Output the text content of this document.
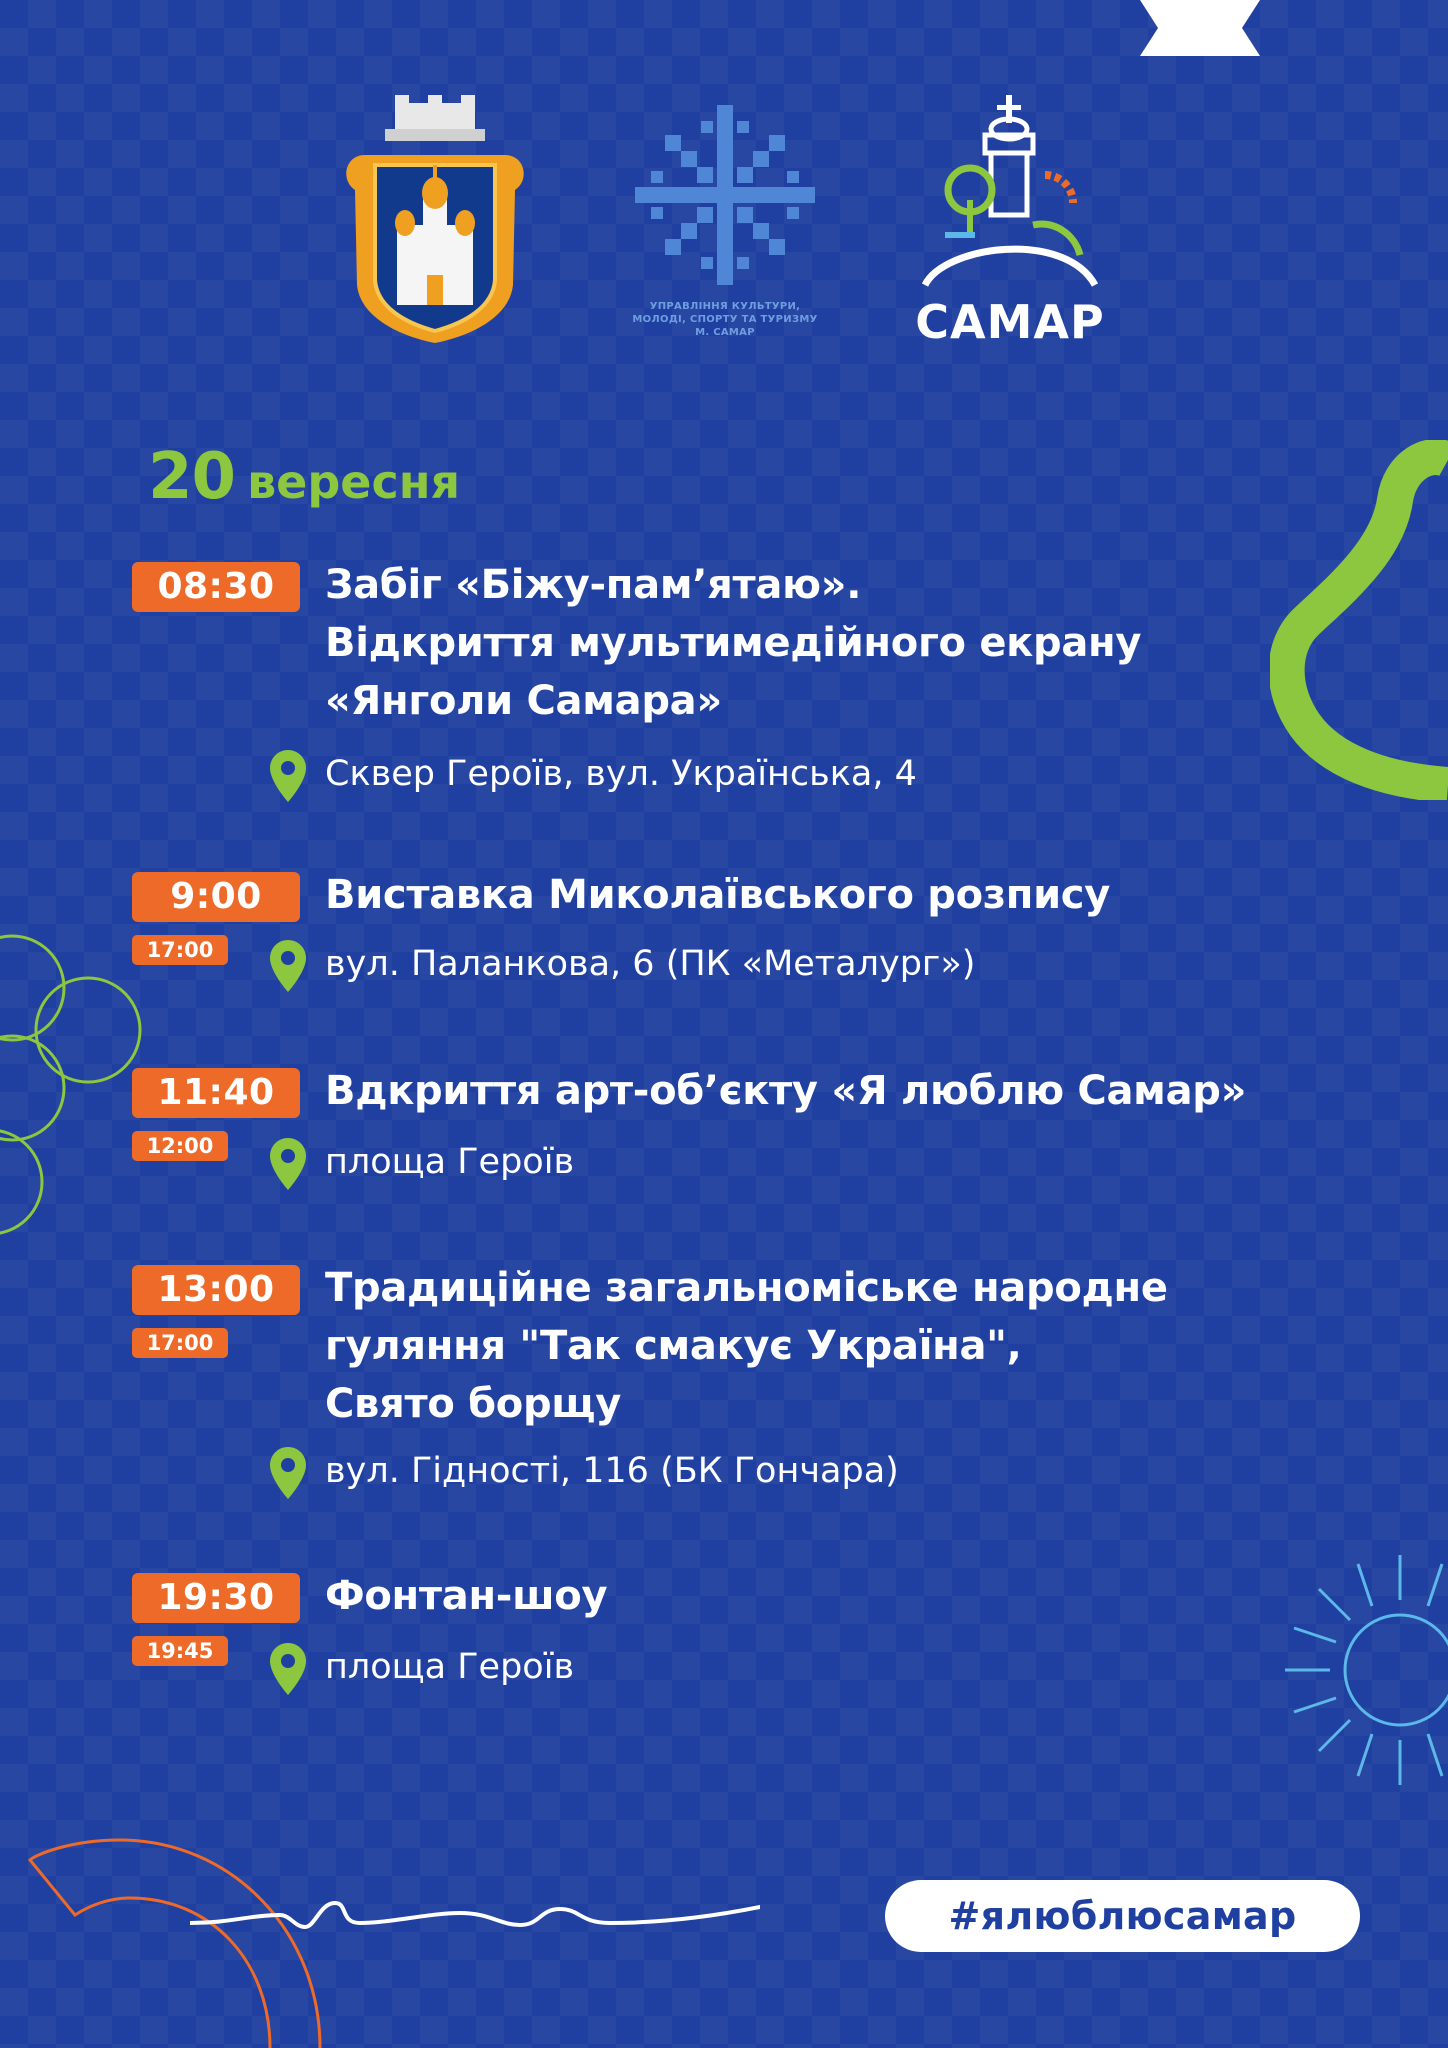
УПРАВЛІННЯ КУЛЬТУРИ,
МОЛОДІ, СПОРТУ ТА ТУРИЗМУ
М. САМАР	САМАР
20 вересня
08:30	Забіг «Біжу-пам’ятаю».
Відкриття мультимедійного екрану
«Янголи Самара»
Сквер Героїв, вул. Українська, 4
9:00
17:00
Виставка Миколаївського розпису
вул. Паланкова, 6 (ПК «Металург»)
11:40
12:00
Вдкриття арт-об’єкту «Я люблю Самар»
площа Героїв
13:00
17:00
Традиційне загальноміське народне
гуляння "Так смакує Україна",
Свято борщу
вул. Гідності, 116 (БК Гончара)
19:30
19:45
Фонтан-шоу
площа Героїв
#ялюблюсамар
